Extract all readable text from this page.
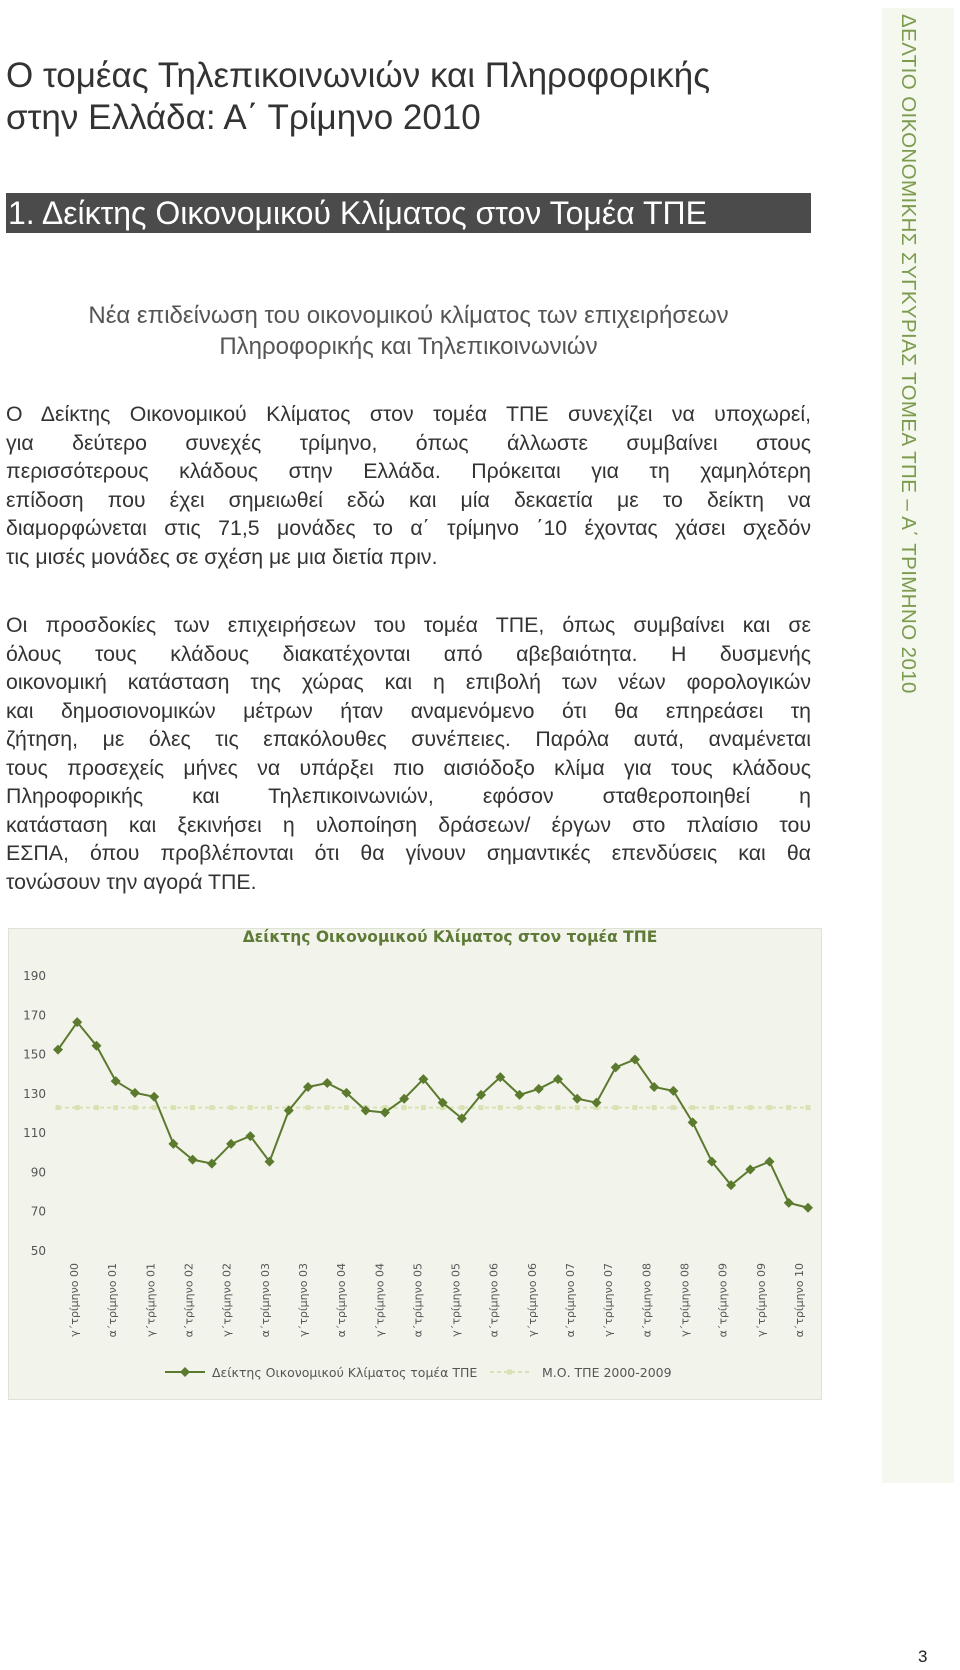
Ο τομέας Τηλεπικοινωνιών και Πληροφορικής
στην Ελλάδα: Α΄ Τρίμηνο 2010
1. Δείκτης Οικονομικού Κλίματος στον Τομέα ΤΠΕ
Νέα επιδείνωση του οικονομικού κλίματος των επιχειρήσεων
Πληροφορικής και Τηλεπικοινωνιών

Ο Δείκτης Οικονομικού Κλίματος στον τομέα ΤΠΕ συνεχίζει να υποχωρεί,
για δεύτερο συνεχές τρίμηνο, όπως άλλωστε συμβαίνει στους
περισσότερους κλάδους στην Ελλάδα. Πρόκειται για τη χαμηλότερη
επίδοση που έχει σημειωθεί εδώ και μία δεκαετία με το δείκτη να
διαμορφώνεται στις 71,5 μονάδες το α΄ τρίμηνο ΄10 έχοντας χάσει σχεδόν
τις μισές μονάδες σε σχέση με μια διετία πριν.

Οι προσδοκίες των επιχειρήσεων του τομέα ΤΠΕ, όπως συμβαίνει και σε
όλους τους κλάδους διακατέχονται από αβεβαιότητα. Η δυσμενής
οικονομική κατάσταση της χώρας και η επιβολή των νέων φορολογικών
και δημοσιονομικών μέτρων ήταν αναμενόμενο ότι θα επηρεάσει τη
ζήτηση, με όλες τις επακόλουθες συνέπειες. Παρόλα αυτά, αναμένεται
τους προσεχείς μήνες να υπάρξει πιο αισιόδοξο κλίμα για τους κλάδους
Πληροφορικής και Τηλεπικοινωνιών, εφόσον σταθεροποιηθεί η
κατάσταση και ξεκινήσει η υλοποίηση δράσεων/ έργων στο πλαίσιο του
ΕΣΠΑ, όπου προβλέπονται ότι θα γίνουν σημαντικές επενδύσεις και θα
τονώσουν την αγορά ΤΠΕ.

ΔΕΛΤΙΟ ΟΙΚΟΝΟΜΙΚΗΣ ΣΥΓΚΥΡΙΑΣ ΤΟΜΕΑ ΤΠΕ – Α΄ ΤΡΙΜΗΝΟ 2010
50
70
90
110
130
150
170
190
γ΄τρίμηνο 00 α΄τρίμηνο 01 γ΄τρίμηνο 01 α΄τρίμηνο 02 γ΄τρίμηνο 02 α΄τρίμηνο 03 γ΄τρίμηνο 03 α΄τρίμηνο 04 γ΄τρίμηνο 04 α΄τρίμηνο 05 γ΄τρίμηνο 05 α΄τρίμηνο 06 γ΄τρίμηνο 06 α΄τρίμηνο 07 γ΄τρίμηνο 07 α΄τρίμηνο 08 γ΄τρίμηνο 08 α΄τρίμηνο 09 γ΄τρίμηνο 09 α΄τρίμηνο 10
Δείκτης Οικονομικού Κλίματος τομέα ΤΠΕ	Μ.Ο. ΤΠΕ 2000-2009
Δείκτης Οικονομικού Κλίματος στον τομέα ΤΠΕ
3
